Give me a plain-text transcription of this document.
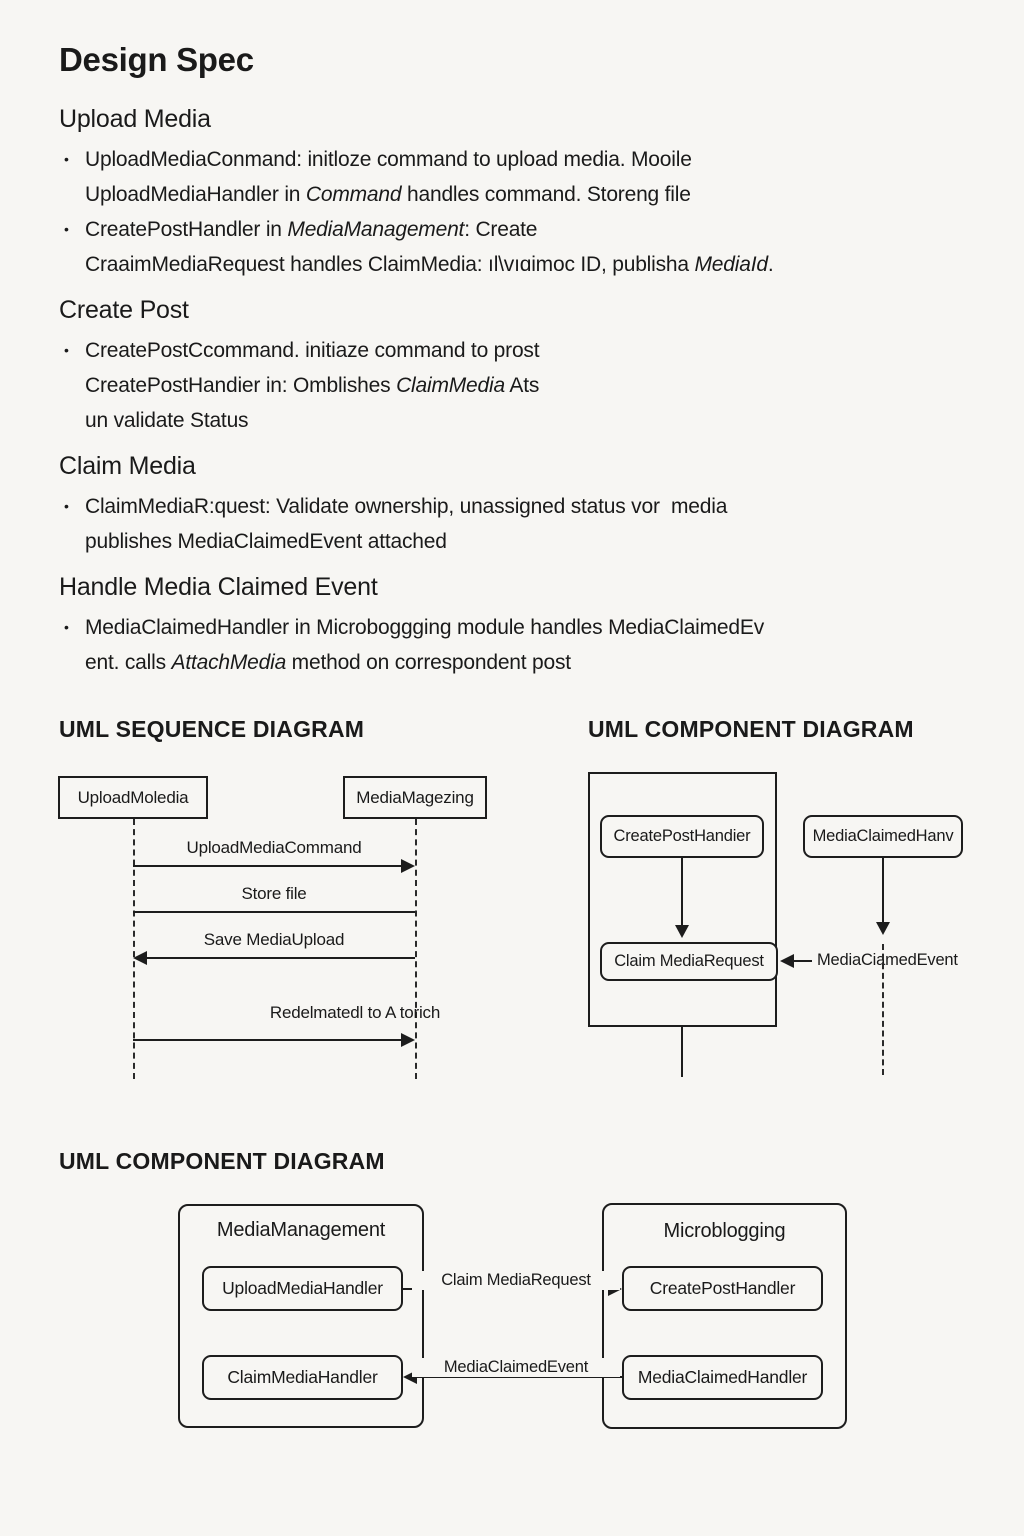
Design Spec
Upload Media
• UploadMediaConmand: initloze command to upload media. Mooile
UploadMediaHandler in Command handles command. Storeng file
• CreatePostHandler in MediaManagement: Create
CraaimMediaRequest handles ClaimMedia: ıl\vıɑimoc ID, publisha MediaId.
Create Post
• CreatePostCcommand. initiaze command to prost
CreatePostHandier in: Omblishes ClaimMedia Ats
un validate Status
Claim Media
• ClaimMediaR:quest: Validate ownership, unassigned status vor  media
publishes MediaClaimedEvent attached
Handle Media Claimed Event
• MediaClaimedHandler in Microboggging module handles MediaClaimedEv
ent. calls AttachMedia method on correspondent post
UML SEQUENCE DIAGRAM
UploadMoledia	MediaMagezing
UploadMediaCommand
Store file
Save MediaUpload
Redelmatedl to A torich
UML COMPONENT DIAGRAM
CreatePostHandier	MediaClaimedHanv
Claim MediaRequest	MediaCiamedEvent
UML COMPONENT DIAGRAM
MediaManagement
UploadMediaHandler
ClaimMediaHandler
Microblogging
CreatePostHandler
MediaClaimedHandler
Claim MediaRequest
MediaClaimedEvent
